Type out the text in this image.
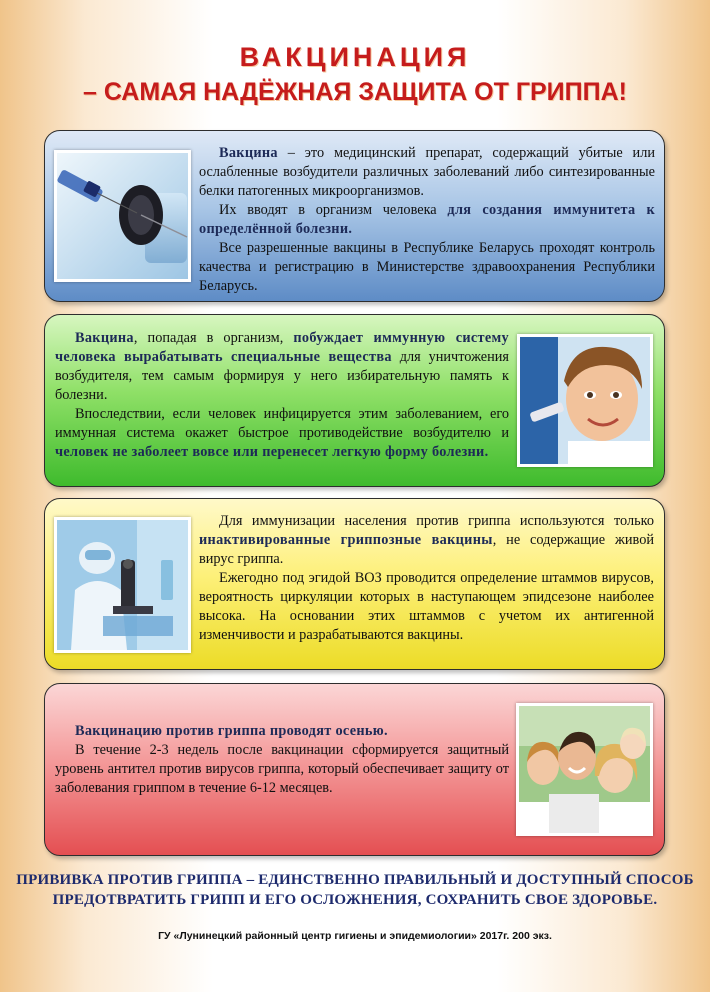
ВАКЦИНАЦИЯ
– САМАЯ НАДЁЖНАЯ ЗАЩИТА ОТ ГРИППА!

Вакцина – это медицинский препарат, содержащий убитые или ослабленные возбудители различных заболеваний либо синтезированные белки патогенных микроорганизмов.

Их вводят в организм человека для создания иммунитета к определённой болезни.

Все разрешенные вакцины в Республике Беларусь проходят контроль качества и регистрацию в Министерстве здравоохранения Республики Беларусь.

Вакцина, попадая в организм, побуждает иммунную систему человека вырабатывать специальные вещества для уничтожения возбудителя, тем самым формируя у него избирательную память к болезни.

Впоследствии, если человек инфицируется этим заболеванием, его иммунная система окажет быстрое противодействие возбудителю и человек не заболеет вовсе или перенесет легкую форму болезни.

Для иммунизации населения против гриппа используются только инактивированные гриппозные вакцины, не содержащие живой вирус гриппа.

Ежегодно под эгидой ВОЗ проводится определение штаммов вирусов, вероятность циркуляции которых в наступающем эпидсезоне наиболее высока. На основании этих штаммов с учетом их антигенной изменчивости и разрабатываются вакцины.

Вакцинацию против гриппа проводят осенью.

В течение 2-3 недель после вакцинации сформируется защитный уровень антител против вирусов гриппа, который обеспечивает защиту от заболевания гриппом в течение 6-12 месяцев.

ПРИВИВКА ПРОТИВ ГРИППА – ЕДИНСТВЕННО ПРАВИЛЬНЫЙ И ДОСТУПНЫЙ СПОСОБ
ПРЕДОТВРАТИТЬ ГРИПП И ЕГО ОСЛОЖНЕНИЯ, СОХРАНИТЬ СВОЕ ЗДОРОВЬЕ.
ГУ «Лунинецкий районный центр гигиены и эпидемиологии» 2017г. 200 экз.
